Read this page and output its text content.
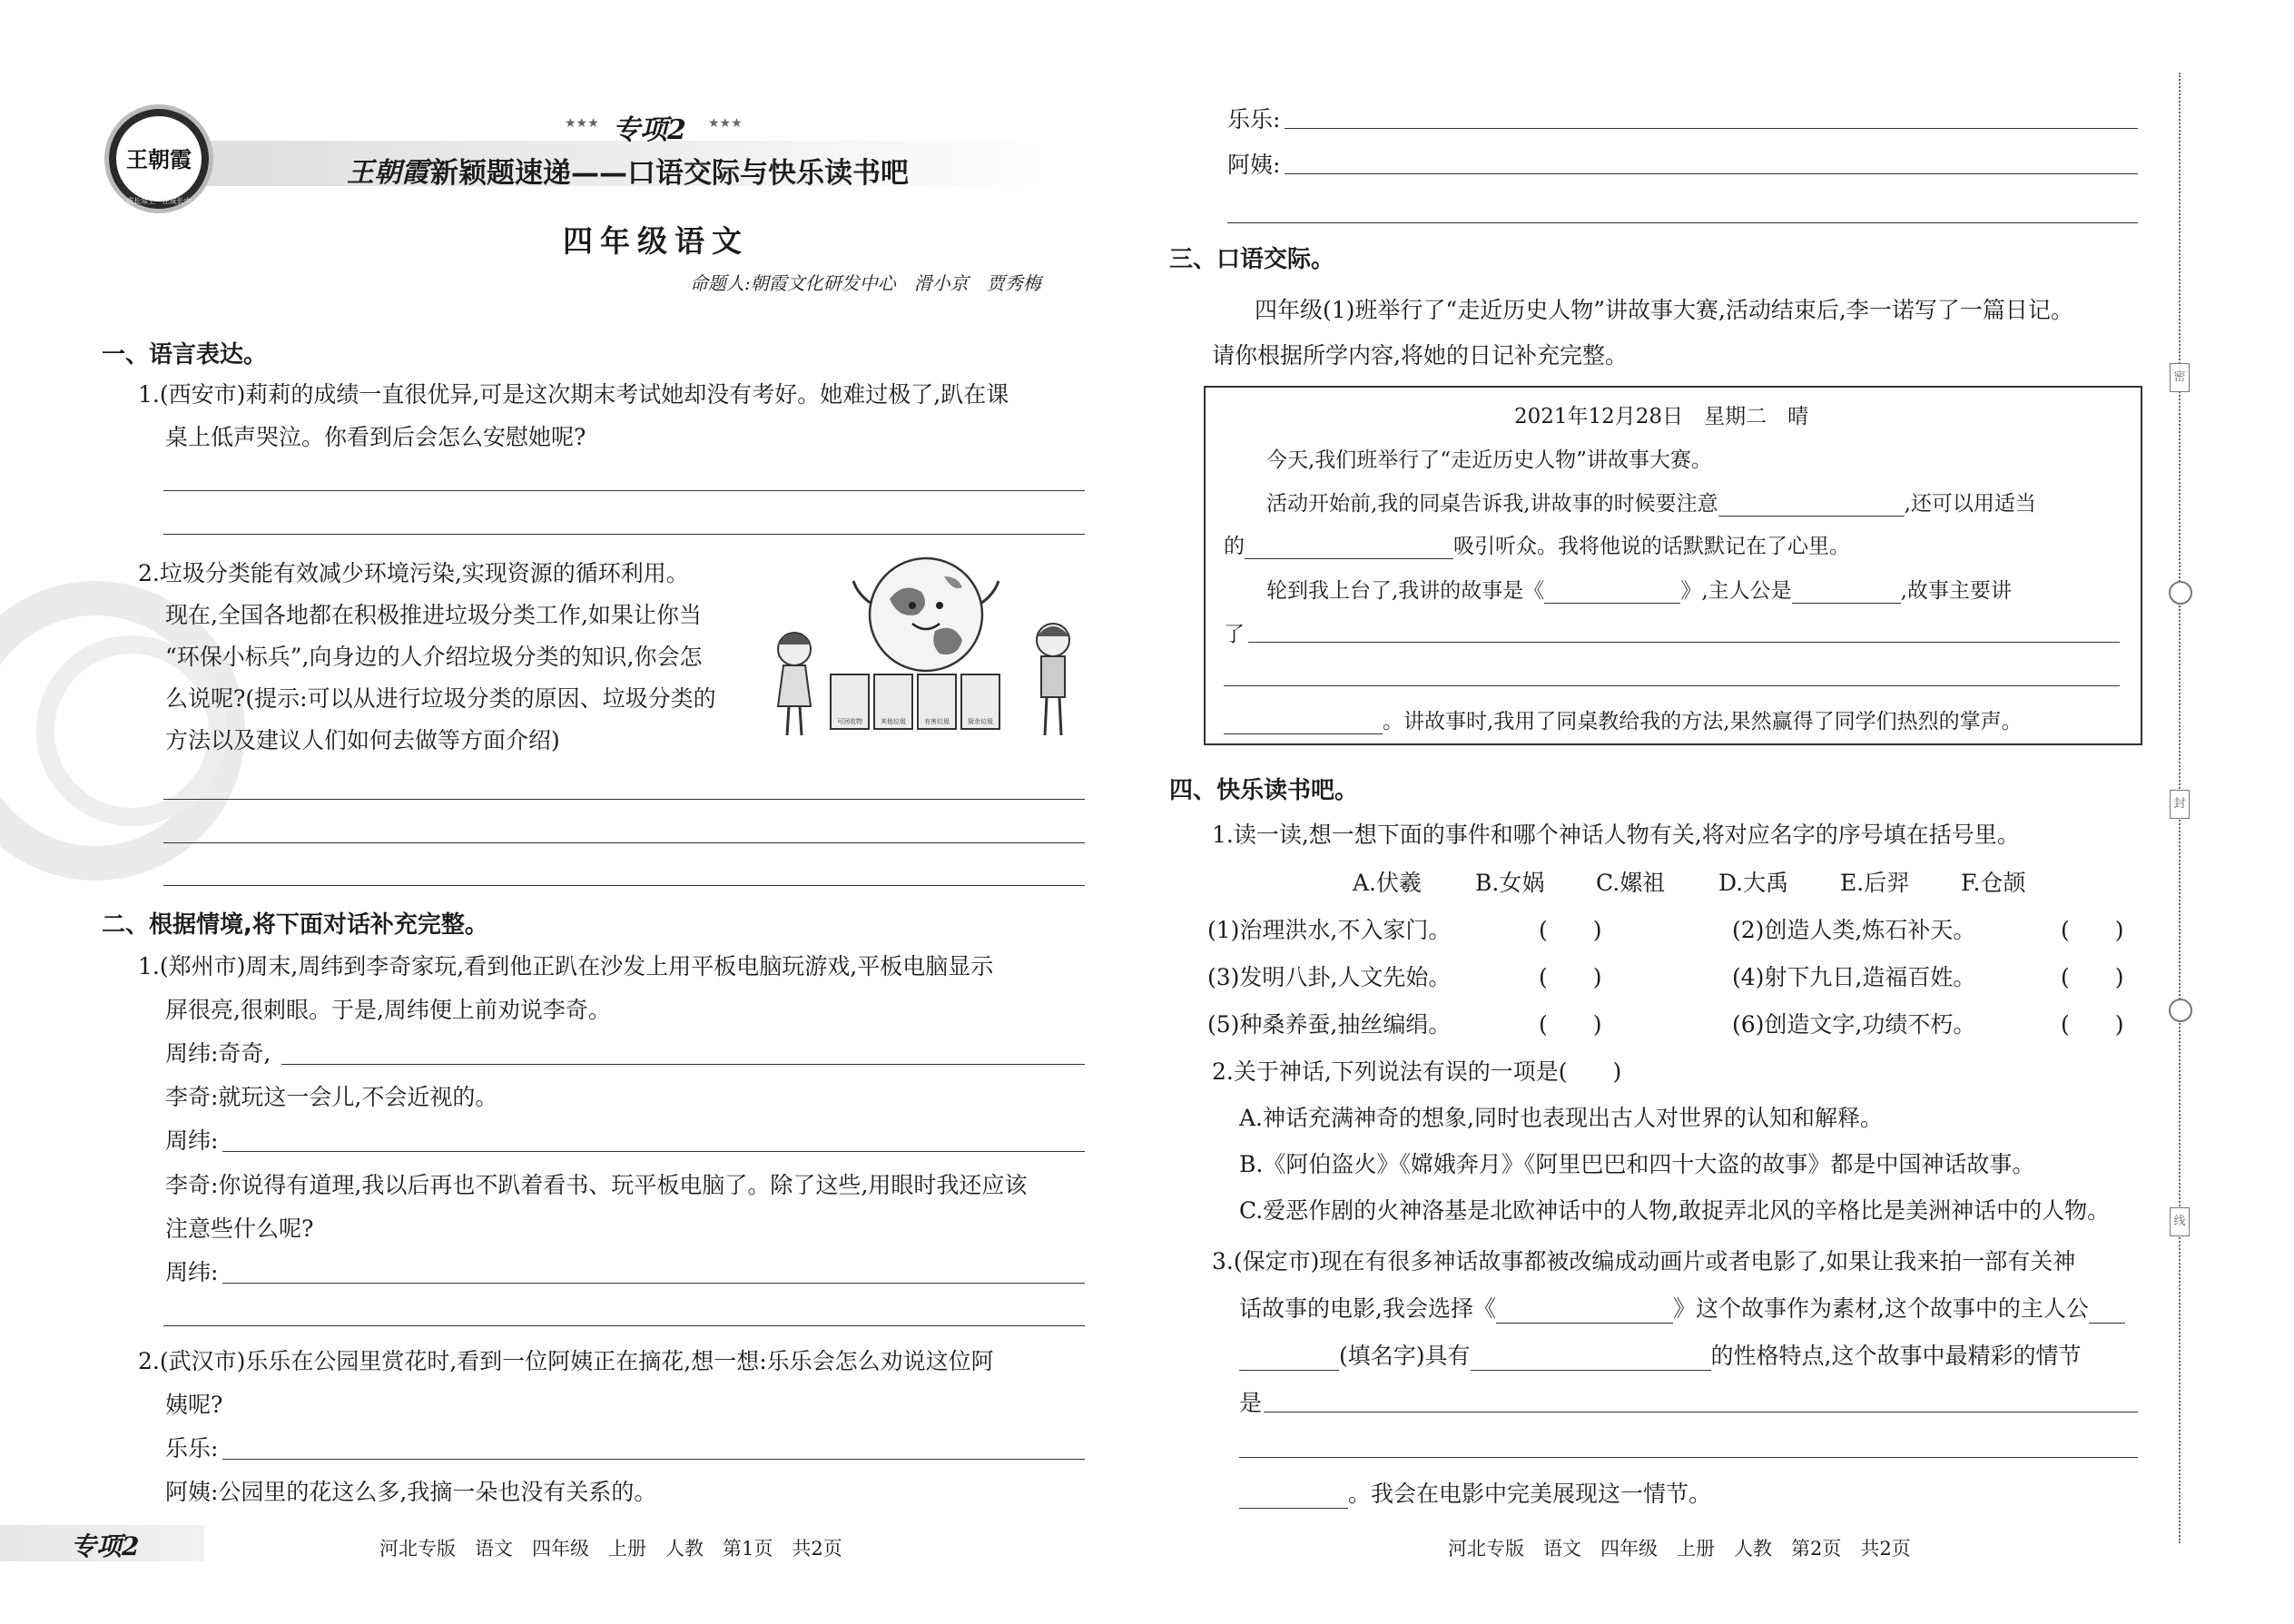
王朝霞
成长常上 · 在成长中
★★★ 专项2 ★★★
王朝霞 新颖题速递——口语交际与快乐读书吧
四年级语文
命题人:朝霞文化研发中心　滑小京　贾秀梅
一、语言表达。
1.(西安市)莉莉的成绩一直很优异,可是这次期末考试她却没有考好。她难过极了,趴在课
桌上低声哭泣。你看到后会怎么安慰她呢?
2.垃圾分类能有效减少环境污染,实现资源的循环利用。
现在,全国各地都在积极推进垃圾分类工作,如果让你当
“环保小标兵”,向身边的人介绍垃圾分类的知识,你会怎
么说呢?(提示:可以从进行垃圾分类的原因、垃圾分类的
方法以及建议人们如何去做等方面介绍)
可回收物	其他垃圾	有害垃圾	厨余垃圾
二、根据情境,将下面对话补充完整。
1.(郑州市)周末,周纬到李奇家玩,看到他正趴在沙发上用平板电脑玩游戏,平板电脑显示
屏很亮,很刺眼。于是,周纬便上前劝说李奇。
周纬:奇奇,
李奇:就玩这一会儿,不会近视的。
周纬:
李奇:你说得有道理,我以后再也不趴着看书、玩平板电脑了。除了这些,用眼时我还应该
注意些什么呢?
周纬:
2.(武汉市)乐乐在公园里赏花时,看到一位阿姨正在摘花,想一想:乐乐会怎么劝说这位阿
姨呢?
乐乐:
阿姨:公园里的花这么多,我摘一朵也没有关系的。
专项2	河北专版　语文　四年级　上册　人教　第1页　共2页
乐乐:
阿姨:
三、口语交际。
四年级(1)班举行了“走近历史人物”讲故事大赛,活动结束后,李一诺写了一篇日记。
请你根据所学内容,将她的日记补充完整。
2021年12月28日　星期二　晴
今天,我们班举行了“走近历史人物”讲故事大赛。
活动开始前,我的同桌告诉我,讲故事的时候要注意	,还可以用适当
的	吸引听众。我将他说的话默默记在了心里。
轮到我上台了,我讲的故事是《	》,主人公是	,故事主要讲
了
。讲故事时,我用了同桌教给我的方法,果然赢得了同学们热烈的掌声。
四、快乐读书吧。
1.读一读,想一想下面的事件和哪个神话人物有关,将对应名字的序号填在括号里。
A.伏羲 B.女娲 C.嫘祖 D.大禹 E.后羿 F.仓颉
(1)治理洪水,不入家门。	(　　)	(2)创造人类,炼石补天。	(　　)
(3)发明八卦,人文先始。	(　　)	(4)射下九日,造福百姓。	(　　)
(5)种桑养蚕,抽丝编绢。	(　　)	(6)创造文字,功绩不朽。	(　　)
2.关于神话,下列说法有误的一项是(　　)
A.神话充满神奇的想象,同时也表现出古人对世界的认知和解释。
B.《阿伯盗火》《嫦娥奔月》《阿里巴巴和四十大盗的故事》都是中国神话故事。
C.爱恶作剧的火神洛基是北欧神话中的人物,敢捉弄北风的辛格比是美洲神话中的人物。
3.(保定市)现在有很多神话故事都被改编成动画片或者电影了,如果让我来拍一部有关神
话故事的电影,我会选择《	》这个故事作为素材,这个故事中的主人公
(填名字)具有	的性格特点,这个故事中最精彩的情节
是
。我会在电影中完美展现这一情节。
河北专版　语文　四年级　上册　人教　第2页　共2页
密
封
线
